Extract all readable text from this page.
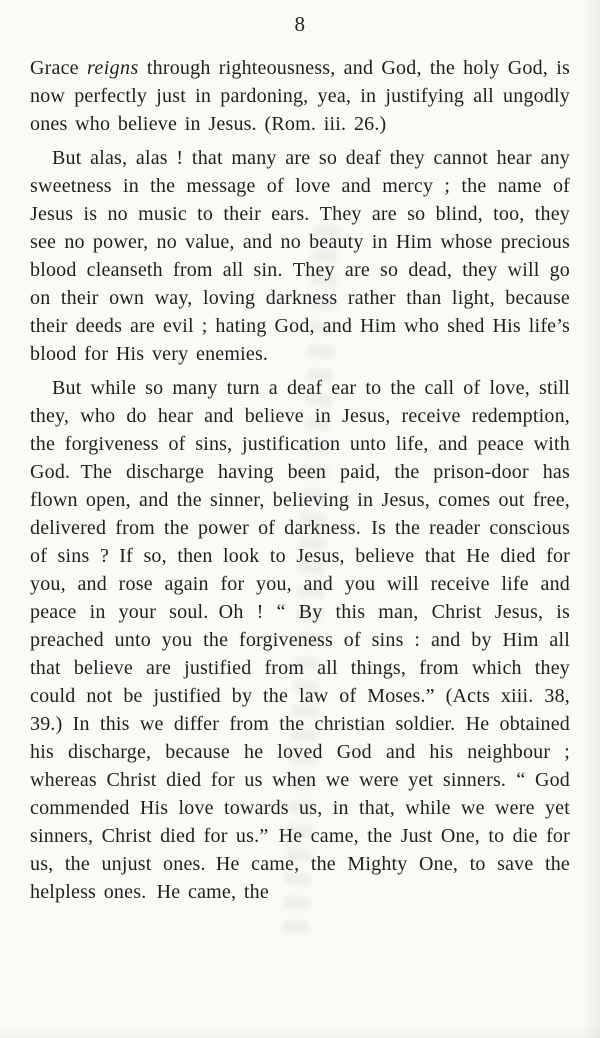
8

Grace reigns through righteousness, and God, the holy God, is now perfectly just in pardoning, yea, in justifying all ungodly ones who believe in Jesus. (Rom. iii. 26.)

But alas, alas ! that many are so deaf they cannot hear any sweetness in the message of love and mercy ; the name of Jesus is no music to their ears. They are so blind, too, they see no power, no value, and no beauty in Him whose precious blood cleanseth from all sin. They are so dead, they will go on their own way, loving darkness rather than light, because their deeds are evil ; hating God, and Him who shed His life’s blood for His very enemies.

But while so many turn a deaf ear to the call of love, still they, who do hear and believe in Jesus, receive redemption, the forgiveness of sins, justification unto life, and peace with God. The discharge having been paid, the prison-door has flown open, and the sinner, believing in Jesus, comes out free, delivered from the power of darkness. Is the reader conscious of sins ? If so, then look to Jesus, believe that He died for you, and rose again for you, and you will receive life and peace in your soul. Oh ! “ By this man, Christ Jesus, is preached unto you the forgiveness of sins : and by Him all that believe are justified from all things, from which they could not be justified by the law of Moses.” (Acts xiii. 38, 39.) In this we differ from the christian soldier. He obtained his discharge, because he loved God and his neighbour ; whereas Christ died for us when we were yet sinners. “ God commended His love towards us, in that, while we were yet sinners, Christ died for us.” He came, the Just One, to die for us, the unjust ones. He came, the Mighty One, to save the helpless ones. He came, the
